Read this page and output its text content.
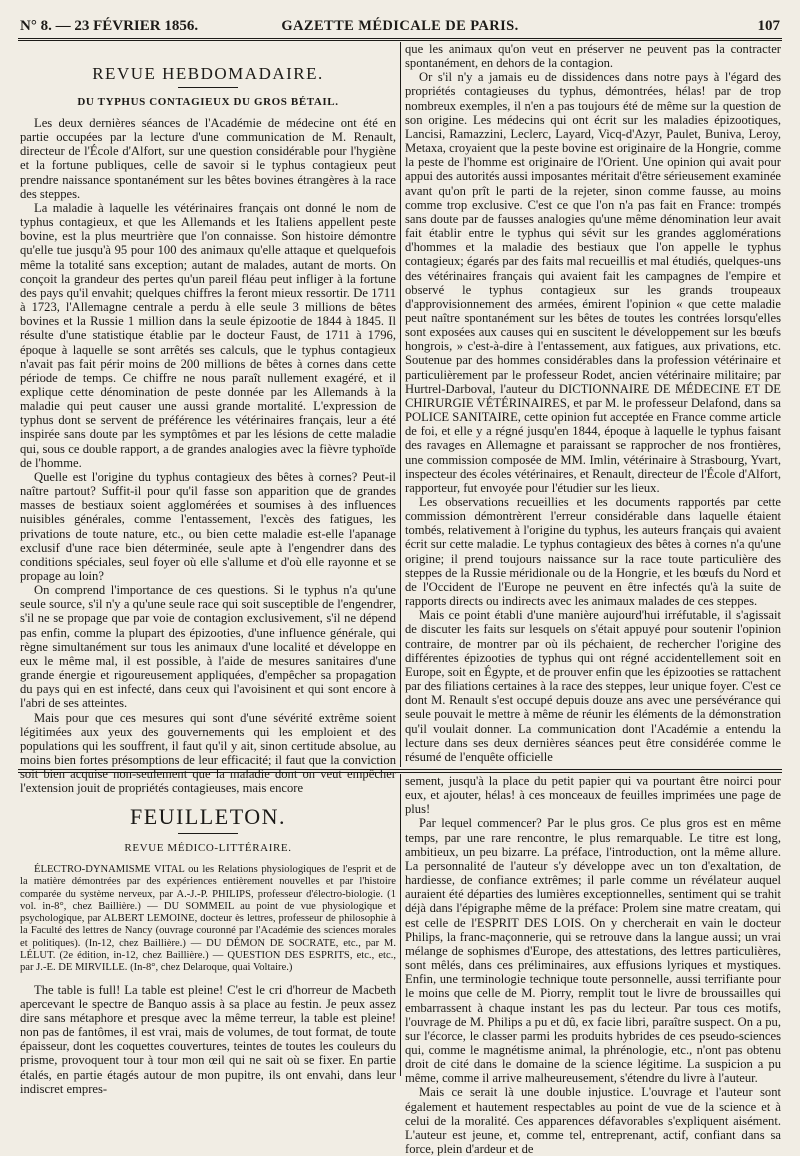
N° 8. — 23 FÉVRIER 1856.	GAZETTE MÉDICALE DE PARIS.	107
REVUE HEBDOMADAIRE.
DU TYPHUS CONTAGIEUX DU GROS BÉTAIL.

Les deux dernières séances de l'Académie de médecine ont été en partie occupées par la lecture d'une communication de M. Renault, directeur de l'École d'Alfort, sur une question considérable pour l'hygiène et la fortune publiques, celle de savoir si le typhus contagieux peut prendre naissance spontanément sur les bêtes bovines étrangères à la race des steppes.

La maladie à laquelle les vétérinaires français ont donné le nom de typhus contagieux, et que les Allemands et les Italiens appellent peste bovine, est la plus meurtrière que l'on connaisse. Son histoire démontre qu'elle tue jusqu'à 95 pour 100 des animaux qu'elle attaque et quelquefois même la totalité sans exception; autant de malades, autant de morts. On conçoit la grandeur des pertes qu'un pareil fléau peut infliger à la fortune des pays qu'il envahit; quelques chiffres la feront mieux ressortir. De 1711 à 1723, l'Allemagne centrale a perdu à elle seule 3 millions de bêtes bovines et la Russie 1 million dans la seule épizootie de 1844 à 1845. Il résulte d'une statistique établie par le docteur Faust, de 1711 à 1796, époque à laquelle se sont arrêtés ses calculs, que le typhus contagieux n'avait pas fait périr moins de 200 millions de bêtes à cornes dans cette période de temps. Ce chiffre ne nous paraît nullement exagéré, et il explique cette dénomination de peste donnée par les Allemands à la maladie qui peut causer une aussi grande mortalité. L'expression de typhus dont se servent de préférence les vétérinaires français, leur a été inspirée sans doute par les symptômes et par les lésions de cette maladie qui, sous ce double rapport, a de grandes analogies avec la fièvre typhoïde de l'homme.

Quelle est l'origine du typhus contagieux des bêtes à cornes? Peut-il naître partout? Suffit-il pour qu'il fasse son apparition que de grandes masses de bestiaux soient agglomérées et soumises à des influences nuisibles générales, comme l'entassement, l'excès des fatigues, les privations de toute nature, etc., ou bien cette maladie est-elle l'apanage exclusif d'une race bien déterminée, seule apte à l'engendrer dans des conditions spéciales, seul foyer où elle s'allume et d'où elle rayonne et se propage au loin?

On comprend l'importance de ces questions. Si le typhus n'a qu'une seule source, s'il n'y a qu'une seule race qui soit susceptible de l'engendrer, s'il ne se propage que par voie de contagion exclusivement, s'il ne dépend pas enfin, comme la plupart des épizooties, d'une influence générale, qui règne simultanément sur tous les animaux d'une localité et développe en eux le même mal, il est possible, à l'aide de mesures sanitaires d'une grande énergie et rigoureusement appliquées, d'empêcher sa propagation du pays qui en est infecté, dans ceux qui l'avoisinent et qui sont encore à l'abri de ses atteintes.

Mais pour que ces mesures qui sont d'une sévérité extrême soient légitimées aux yeux des gouvernements qui les emploient et des populations qui les souffrent, il faut qu'il y ait, sinon certitude absolue, au moins bien fortes présomptions de leur efficacité; il faut que la conviction soit bien acquise non-seulement que la maladie dont on veut empêcher l'extension jouit de propriétés contagieuses, mais encore

que les animaux qu'on veut en préserver ne peuvent pas la contracter spontanément, en dehors de la contagion.

Or s'il n'y a jamais eu de dissidences dans notre pays à l'égard des propriétés contagieuses du typhus, démontrées, hélas! par de trop nombreux exemples, il n'en a pas toujours été de même sur la question de son origine. Les médecins qui ont écrit sur les maladies épizootiques, Lancisi, Ramazzini, Leclerc, Layard, Vicq-d'Azyr, Paulet, Buniva, Leroy, Metaxa, croyaient que la peste bovine est originaire de la Hongrie, comme la peste de l'homme est originaire de l'Orient. Une opinion qui avait pour appui des autorités aussi imposantes méritait d'être sérieusement examinée avant qu'on prît le parti de la rejeter, sinon comme fausse, au moins comme trop exclusive. C'est ce que l'on n'a pas fait en France: trompés sans doute par de fausses analogies qu'une même dénomination leur avait fait établir entre le typhus qui sévit sur les grandes agglomérations d'hommes et la maladie des bestiaux que l'on appelle le typhus contagieux; égarés par des faits mal recueillis et mal étudiés, quelques-uns des vétérinaires français qui avaient fait les campagnes de l'empire et observé le typhus contagieux sur les grands troupeaux d'approvisionnement des armées, émirent l'opinion « que cette maladie peut naître spontanément sur les bêtes de toutes les contrées lorsqu'elles sont exposées aux causes qui en suscitent le développement sur les bœufs hongrois, » c'est-à-dire à l'entassement, aux fatigues, aux privations, etc. Soutenue par des hommes considérables dans la profession vétérinaire et particulièrement par le professeur Rodet, ancien vétérinaire militaire; par Hurtrel-Darboval, l'auteur du DICTIONNAIRE DE MÉDECINE ET DE CHIRURGIE VÉTÉRINAIRES, et par M. le professeur Delafond, dans sa POLICE SANITAIRE, cette opinion fut acceptée en France comme article de foi, et elle y a régné jusqu'en 1844, époque à laquelle le typhus faisant des ravages en Allemagne et paraissant se rapprocher de nos frontières, une commission composée de MM. Imlin, vétérinaire à Strasbourg, Yvart, inspecteur des écoles vétérinaires, et Renault, directeur de l'École d'Alfort, rapporteur, fut envoyée pour l'étudier sur les lieux.

Les observations recueillies et les documents rapportés par cette commission démontrèrent l'erreur considérable dans laquelle étaient tombés, relativement à l'origine du typhus, les auteurs français qui avaient écrit sur cette maladie. Le typhus contagieux des bêtes à cornes n'a qu'une origine; il prend toujours naissance sur la race toute particulière des steppes de la Russie méridionale ou de la Hongrie, et les bœufs du Nord et de l'Occident de l'Europe ne peuvent en être infectés qu'à la suite de rapports directs ou indirects avec les animaux malades de ces steppes.

Mais ce point établi d'une manière aujourd'hui irréfutable, il s'agissait de discuter les faits sur lesquels on s'était appuyé pour soutenir l'opinion contraire, de montrer par où ils péchaient, de rechercher l'origine des différentes épizooties de typhus qui ont régné accidentellement soit en Europe, soit en Égypte, et de prouver enfin que les épizooties se rattachent par des filiations certaines à la race des steppes, leur unique foyer. C'est ce dont M. Renault s'est occupé depuis douze ans avec une persévérance qui seule pouvait le mettre à même de réunir les éléments de la démonstration qu'il voulait donner. La communication dont l'Académie a entendu la lecture dans ses deux dernières séances peut être considérée comme le résumé de l'enquête officielle

FEUILLETON.
REVUE MÉDICO-LITTÉRAIRE.

ÉLECTRO-DYNAMISME VITAL ou les Relations physiologiques de l'esprit et de la matière démontrées par des expériences entièrement nouvelles et par l'histoire comparée du système nerveux, par A.-J.-P. PHILIPS, professeur d'électro-biologie. (1 vol. in-8°, chez Baillière.) — DU SOMMEIL au point de vue physiologique et psychologique, par ALBERT LEMOINE, docteur ès lettres, professeur de philosophie à la Faculté des lettres de Nancy (ouvrage couronné par l'Académie des sciences morales et politiques). (In-12, chez Baillière.) — DU DÉMON DE SOCRATE, etc., par M. LÉLUT. (2e édition, in-12, chez Baillière.) — QUESTION DES ESPRITS, etc., etc., par J.-E. DE MIRVILLE. (In-8°, chez Delaroque, quai Voltaire.)

The table is full! La table est pleine! C'est le cri d'horreur de Macbeth apercevant le spectre de Banquo assis à sa place au festin. Je peux assez dire sans métaphore et presque avec la même terreur, la table est pleine! non pas de fantômes, il est vrai, mais de volumes, de tout format, de toute épaisseur, dont les coquettes couvertures, teintes de toutes les couleurs du prisme, provoquent tour à tour mon œil qui ne sait où se fixer. En partie étalés, en partie étagés autour de mon pupitre, ils ont envahi, dans leur indiscret empres-

sement, jusqu'à la place du petit papier qui va pourtant être noirci pour eux, et ajouter, hélas! à ces monceaux de feuilles imprimées une page de plus!

Par lequel commencer? Par le plus gros. Ce plus gros est en même temps, par une rare rencontre, le plus remarquable. Le titre est long, ambitieux, un peu bizarre. La préface, l'introduction, ont la même allure. La personnalité de l'auteur s'y développe avec un ton d'exaltation, de hardiesse, de confiance extrêmes; il parle comme un révélateur auquel auraient été départies des lumières exceptionnelles, sentiment qui se trahit déjà dans l'épigraphe même de la préface: Prolem sine matre creatam, qui est celle de l'ESPRIT DES LOIS. On y chercherait en vain le docteur Philips, la franc-maçonnerie, qui se retrouve dans la langue aussi; un vrai mélange de sophismes d'Europe, des attestations, des lettres particulières, sont mêlés, dans ces préliminaires, aux effusions lyriques et mystiques. Enfin, une terminologie technique toute personnelle, aussi terrifiante pour le moins que celle de M. Piorry, remplit tout le livre de broussailles qui embarrassent à chaque instant les pas du lecteur. Par tous ces motifs, l'ouvrage de M. Philips a pu et dû, ex facie libri, paraître suspect. On a pu, sur l'écorce, le classer parmi les produits hybrides de ces pseudo-sciences qui, comme le magnétisme animal, la phrénologie, etc., n'ont pas obtenu droit de cité dans le domaine de la science légitime. La suspicion a pu même, comme il arrive malheureusement, s'étendre du livre à l'auteur.

Mais ce serait là une double injustice. L'ouvrage et l'auteur sont également et hautement respectables au point de vue de la science et à celui de la moralité. Ces apparences défavorables s'expliquent aisément. L'auteur est jeune, et, comme tel, entreprenant, actif, confiant dans sa force, plein d'ardeur et de
